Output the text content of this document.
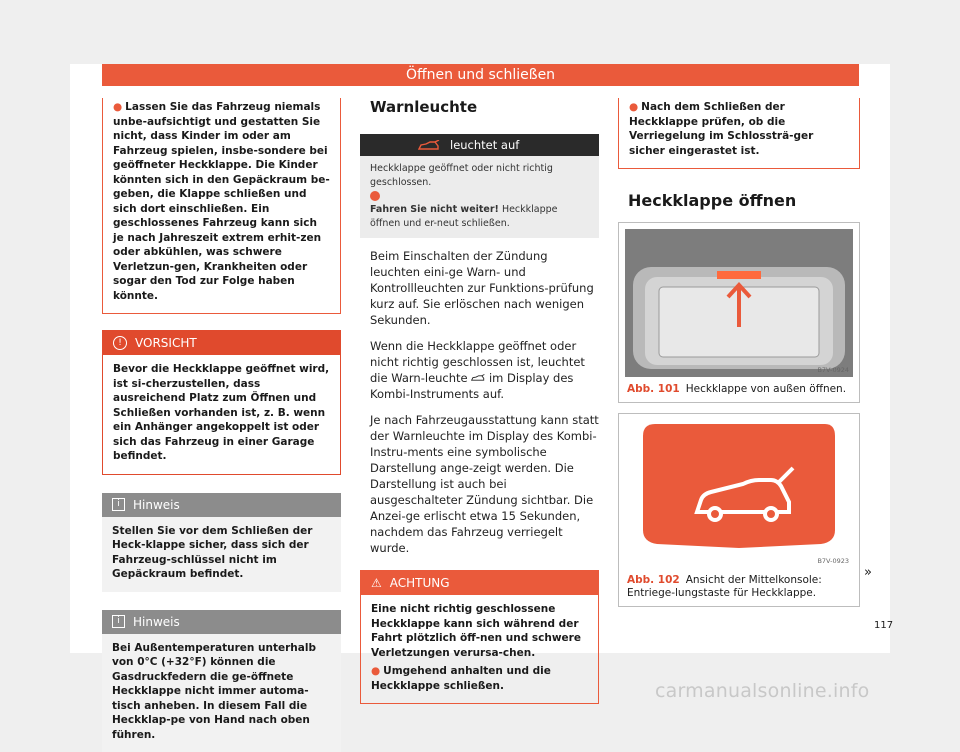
Öffnen und schließen
● Lassen Sie das Fahrzeug niemals unbe-aufsichtigt und gestatten Sie nicht, dass Kinder im oder am Fahrzeug spielen, insbe-sondere bei geöffneter Heckklappe. Die Kinder könnten sich in den Gepäckraum be-geben, die Klappe schließen und sich dort einschließen. Ein geschlossenes Fahrzeug kann sich je nach Jahreszeit extrem erhit-zen oder abkühlen, was schwere Verletzun-gen, Krankheiten oder sogar den Tod zur Folge haben könnte.
!	VORSICHT
Bevor die Heckklappe geöffnet wird, ist si-cherzustellen, dass ausreichend Platz zum Öffnen und Schließen vorhanden ist, z. B. wenn ein Anhänger angekoppelt ist oder sich das Fahrzeug in einer Garage befindet.
i	Hinweis
Stellen Sie vor dem Schließen der Heck-klappe sicher, dass sich der Fahrzeug-schlüssel nicht im Gepäckraum befindet.
i	Hinweis
Bei Außentemperaturen unterhalb von 0°C (+32°F) können die Gasdruckfedern die ge-öffnete Heckklappe nicht immer automa-tisch anheben. In diesem Fall die Heckklap-pe von Hand nach oben führen.
Warnleuchte
leuchtet auf
Heckklappe geöffnet oder nicht richtig geschlossen.

Fahren Sie nicht weiter! Heckklappe öffnen und er-neut schließen.
Beim Einschalten der Zündung leuchten eini-ge Warn- und Kontrollleuchten zur Funktions-prüfung kurz auf. Sie erlöschen nach wenigen Sekunden.
Wenn die Heckklappe geöffnet oder nicht richtig geschlossen ist, leuchtet die Warn-leuchte im Display des Kombi-Instruments auf.
Je nach Fahrzeugausstattung kann statt der Warnleuchte im Display des Kombi-Instru-ments eine symbolische Darstellung ange-zeigt werden. Die Darstellung ist auch bei ausgeschalteter Zündung sichtbar. Die Anzei-ge erlischt etwa 15 Sekunden, nachdem das Fahrzeug verriegelt wurde.
⚠ ACHTUNG
Eine nicht richtig geschlossene Heckklappe kann sich während der Fahrt plötzlich öff-nen und schwere Verletzungen verursa-chen.
● Umgehend anhalten und die Heckklappe schließen.
● Nach dem Schließen der Heckklappe prüfen, ob die Verriegelung im Schlossträ-ger sicher eingerastet ist.
Heckklappe öffnen
B7V-0924
Abb. 101 Heckklappe von außen öffnen.
B7V-0923
Abb. 102 Ansicht der Mittelkonsole: Entriege-lungstaste für Heckklappe.
»
117
carmanualsonline.info
